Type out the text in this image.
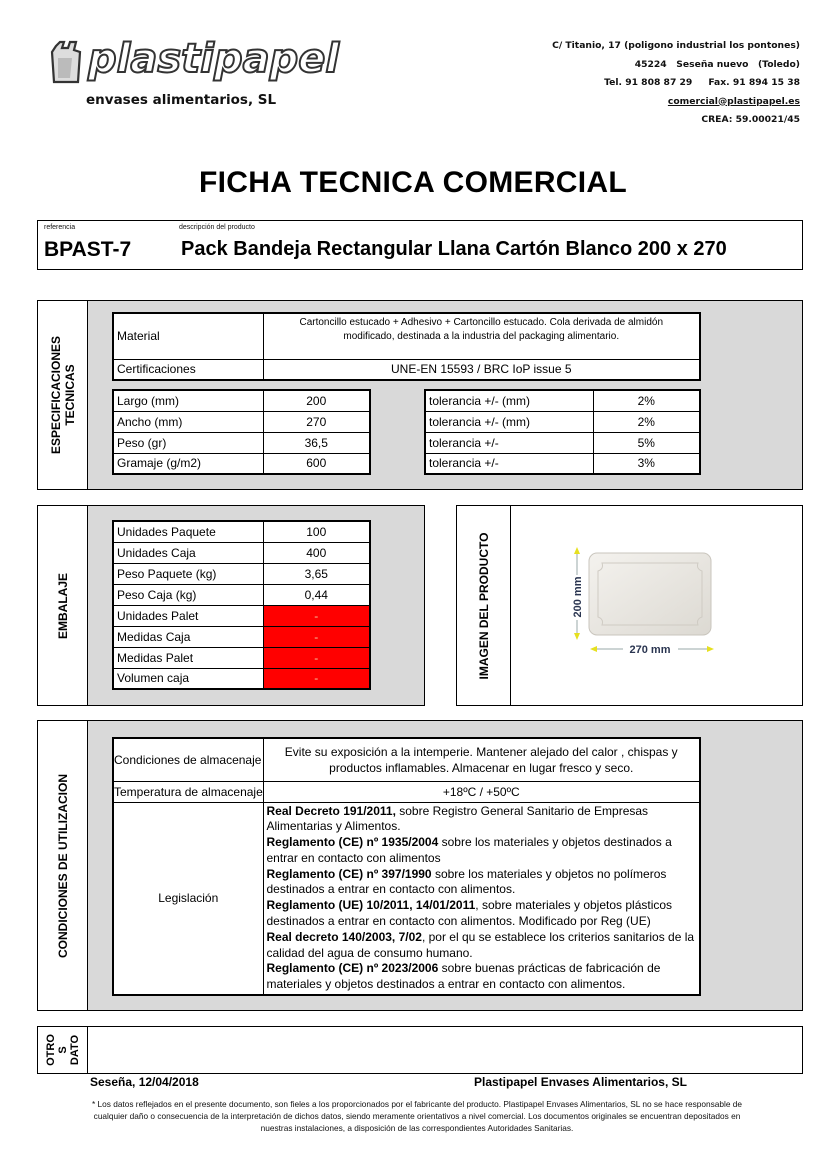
plastipapel
envases alimentarios, SL
C/ Titanio, 17 (poligono industrial los pontones)
45224   Seseña nuevo   (Toledo)
Tel. 91 808 87 29     Fax. 91 894 15 38
comercial@plastipapel.es
CREA: 59.00021/45
FICHA TECNICA COMERCIAL
referencia	descripción del producto
BPAST-7 Pack Bandeja Rectangular Llana Cartón Blanco 200 x 270
ESPECIFICACIONES TECNICAS
Material	Cartoncillo estucado + Adhesivo + Cartoncillo estucado. Cola derivada de almidón
modificado, destinada a la industria del packaging alimentario.

Certificaciones	UNE-EN 15593 / BRC IoP issue 5
Largo (mm)	200
Ancho (mm)	270
Peso (gr)	36,5
Gramaje (g/m2)	600
tolerancia +/- (mm)	2%
tolerancia +/- (mm)	2%
tolerancia +/-	5%
tolerancia +/-	3%
EMBALAJE
Unidades Paquete	100
Unidades Caja	400
Peso Paquete (kg)	3,65
Peso Caja (kg)	0,44
Unidades Palet	-
Medidas Caja	-
Medidas Palet	-
Volumen caja	-	IMAGEN DEL PRODUCTO	200 mm
270 mm
CONDICIONES DE UTILIZACION
Condiciones de almacenaje	Evite su exposición a la intemperie. Mantener alejado del calor , chispas y
productos inflamables. Almacenar en lugar fresco y seco.

Temperatura de almacenaje	+18ºC / +50ºC
Legislación	
Real Decreto 191/2011, sobre Registro General Sanitario de Empresas Alimentarias y Alimentos.
Reglamento (CE) nº 1935/2004 sobre los materiales y objetos destinados a entrar en contacto con alimentos
Reglamento (CE) nº 397/1990 sobre los materiales y objetos no polímeros destinados a entrar en contacto con alimentos.
Reglamento (UE) 10/2011, 14/01/2011, sobre materiales y objetos plásticos destinados a entrar en contacto con alimentos. Modificado por Reg (UE)
Real decreto 140/2003, 7/02, por el qu se establece los criterios sanitarios de la calidad del agua de consumo humano.
Reglamento (CE) nº 2023/2006 sobre buenas prácticas de fabricación de materiales y objetos destinados a entrar en contacto con alimentos.
OTRO S DATO
Seseña, 12/04/2018	Plastipapel Envases Alimentarios, SL
* Los datos reflejados en el presente documento, son fieles a los proporcionados por el fabricante del producto. Plastipapel Envases Alimentarios, SL no se hace responsable de
cualquier daño o consecuencia de la interpretación de dichos datos, siendo meramente orientativos a nivel comercial. Los documentos originales se encuentran depositados en
nuestras instalaciones, a disposición de las correspondientes Autoridades Sanitarias.
